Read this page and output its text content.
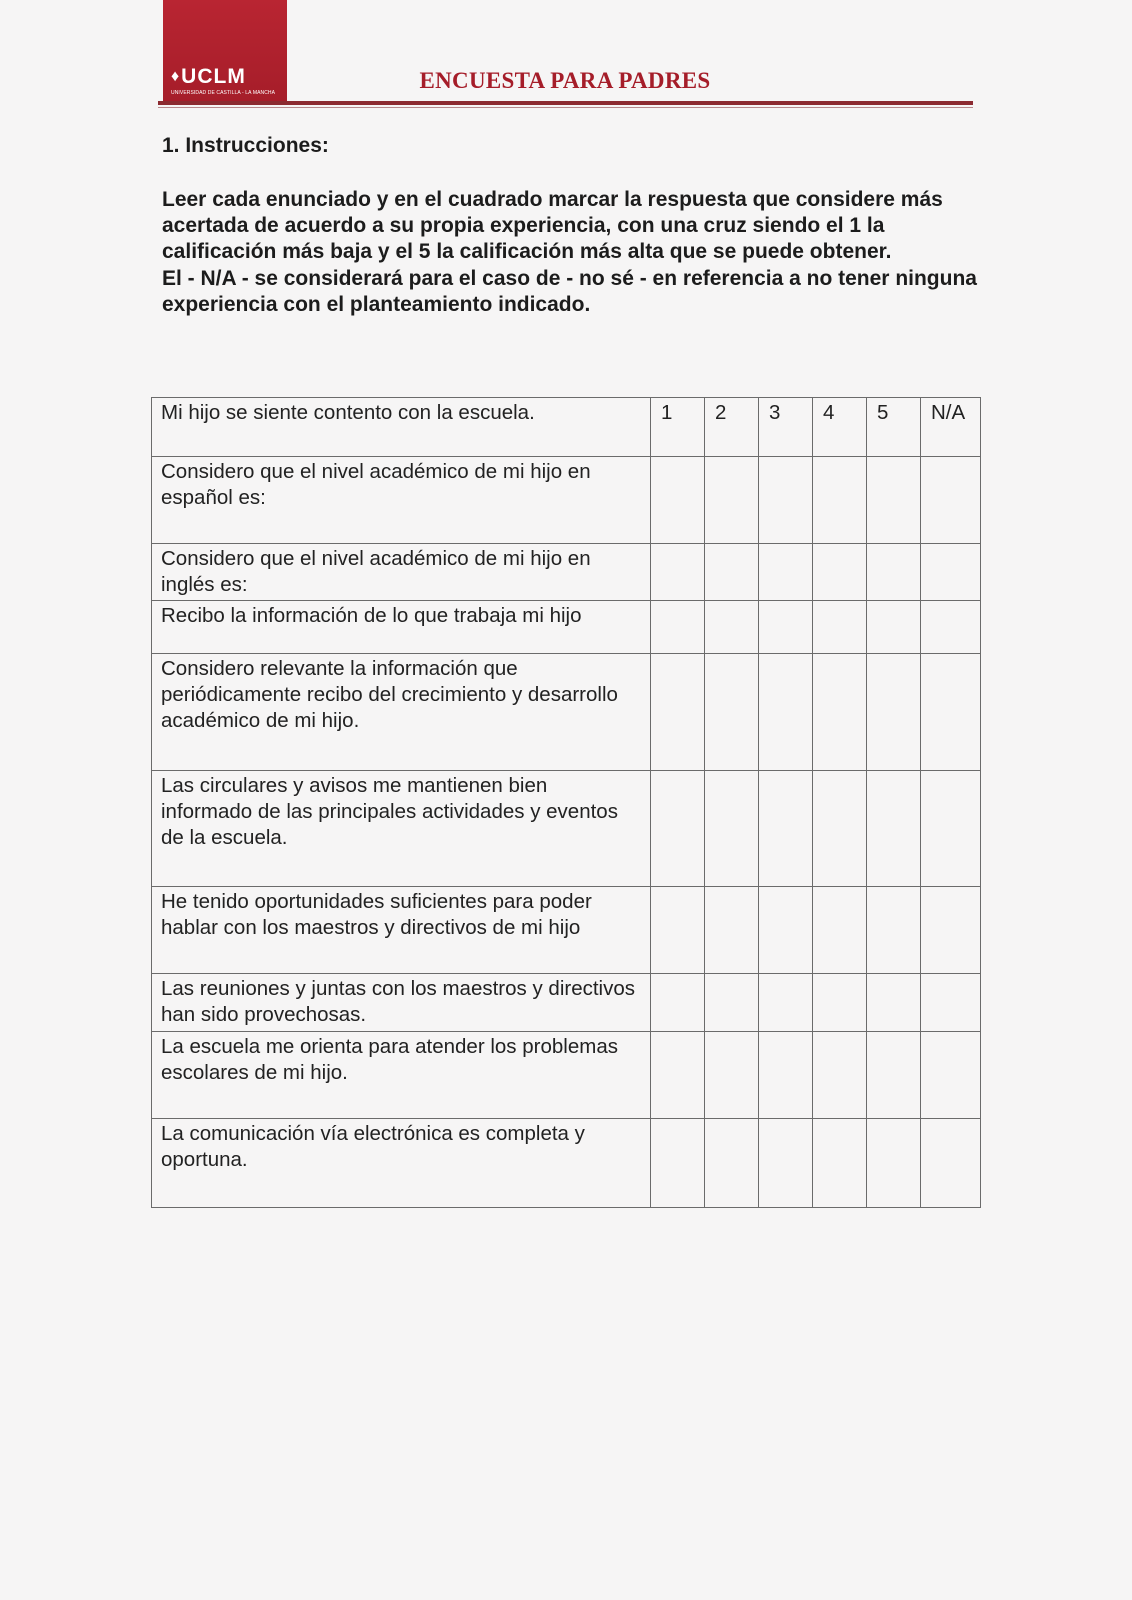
♦UCLM
UNIVERSIDAD DE CASTILLA - LA MANCHA	ENCUESTA PARA PADRES
1. Instrucciones:

Leer cada enunciado y en el cuadrado marcar la respuesta que considere más acertada de acuerdo a su propia experiencia, con una cruz siendo el 1 la calificación más baja y el 5 la calificación más alta que se puede obtener.

El - N/A - se considerará para el caso de - no sé - en referencia a no tener ninguna experiencia con el planteamiento indicado.

Mi hijo se siente contento con la escuela.	1	2	3	4	5	N/A
Considero que el nivel académico de mi hijo en español es:						
Considero que el nivel académico de mi hijo en inglés es:						
Recibo la información de lo que trabaja mi hijo						
Considero relevante la información que periódicamente recibo del crecimiento y desarrollo académico de mi hijo.						
Las circulares y avisos me mantienen bien informado de las principales actividades y eventos de la escuela.						
He tenido oportunidades suficientes para poder hablar con los maestros y directivos de mi hijo						
Las reuniones y juntas con los maestros y directivos han sido provechosas.						
La escuela me orienta para atender los problemas escolares de mi hijo.						
La comunicación vía electrónica es completa y oportuna.						
